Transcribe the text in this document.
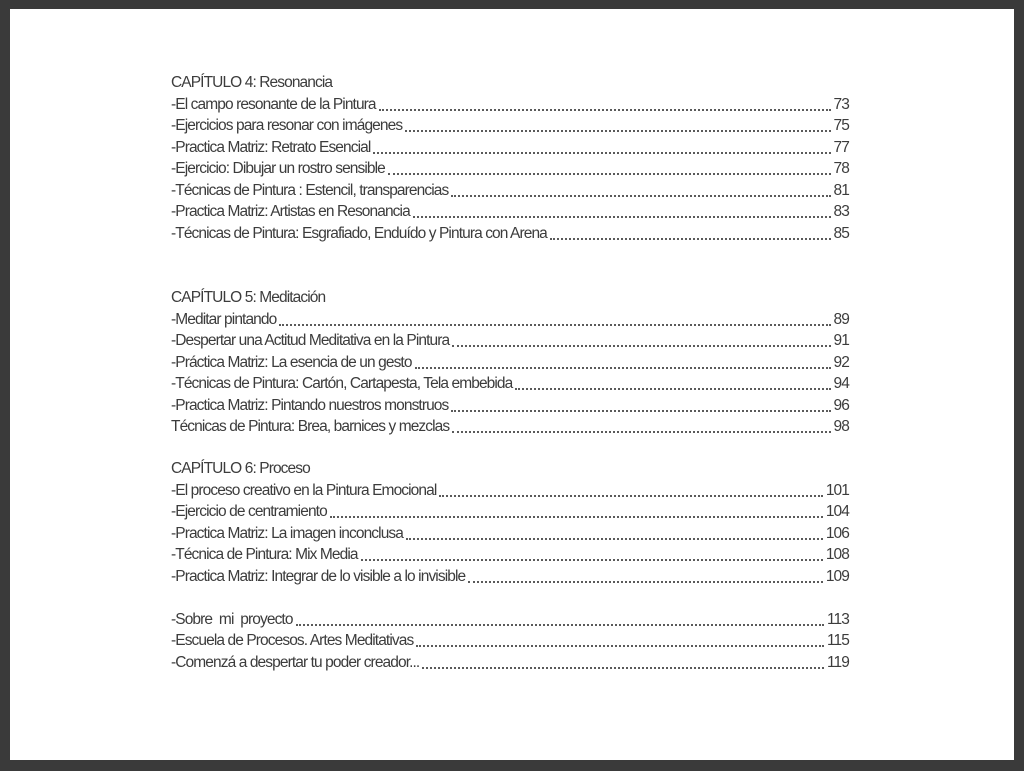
CAPÍTULO 4: Resonancia
-El campo resonante de la Pintura	73
-Ejercicios para resonar con imágenes	75
-Practica Matriz: Retrato Esencial	77
-Ejercicio: Dibujar un rostro sensible	78
-Técnicas de Pintura : Estencil, transparencias	81
-Practica Matriz: Artistas en Resonancia	83
-Técnicas de Pintura: Esgrafiado, Enduído y Pintura con Arena	85
CAPÍTULO 5: Meditación
-Meditar pintando	89
-Despertar una Actitud Meditativa en la Pintura	91
-Práctica Matriz: La esencia de un gesto	92
-Técnicas de Pintura: Cartón, Cartapesta, Tela embebida	94
-Practica Matriz: Pintando nuestros monstruos	96
Técnicas de Pintura: Brea, barnices y mezclas	98
CAPÍTULO 6: Proceso
-El proceso creativo en la Pintura Emocional	101
-Ejercicio de centramiento	104
-Practica Matriz: La imagen inconclusa	106
-Técnica de Pintura: Mix Media	108
-Practica Matriz: Integrar de lo visible a lo invisible	109
-Sobre  mi  proyecto	113
-Escuela de Procesos. Artes Meditativas	115
-Comenzá a despertar tu poder creador...	119
